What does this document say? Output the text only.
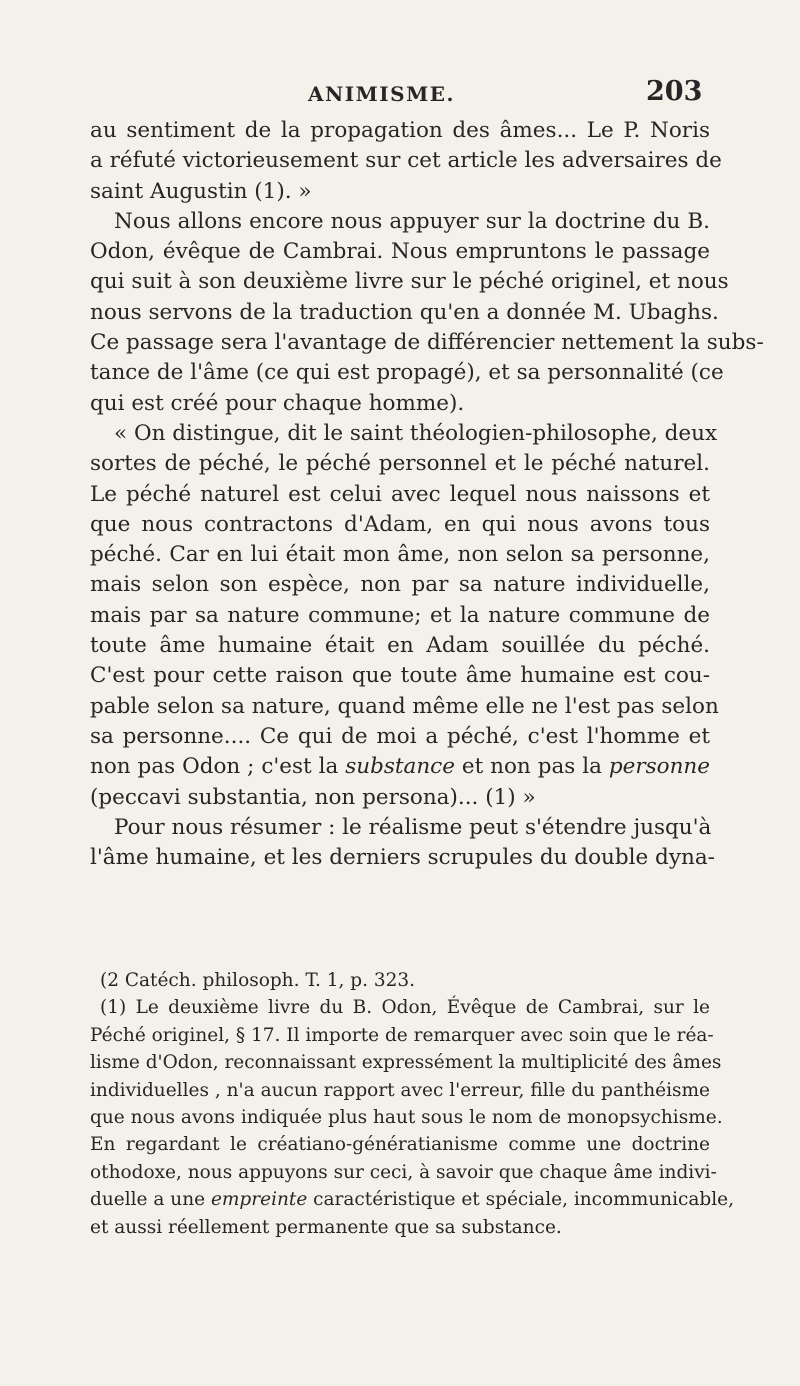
ANIMISME.	203
au sentiment de la propagation des âmes... Le P. Noris
a réfuté victorieusement sur cet article les adversaires de
saint Augustin (1). »
Nous allons encore nous appuyer sur la doctrine du B.
Odon, évêque de Cambrai. Nous empruntons le passage
qui suit à son deuxième livre sur le péché originel, et nous
nous servons de la traduction qu'en a donnée M. Ubaghs.
Ce passage sera l'avantage de différencier nettement la subs-
tance de l'âme (ce qui est propagé), et sa personnalité (ce
qui est créé pour chaque homme).
« On distingue, dit le saint théologien-philosophe, deux
sortes de péché, le péché personnel et le péché naturel.
Le péché naturel est celui avec lequel nous naissons et
que nous contractons d'Adam, en qui nous avons tous
péché. Car en lui était mon âme, non selon sa personne,
mais selon son espèce, non par sa nature individuelle,
mais par sa nature commune; et la nature commune de
toute âme humaine était en Adam souillée du péché.
C'est pour cette raison que toute âme humaine est cou-
pable selon sa nature, quand même elle ne l'est pas selon
sa personne.... Ce qui de moi a péché, c'est l'homme et
non pas Odon ; c'est la substance et non pas la personne
(peccavi substantia, non persona)... (1) »
Pour nous résumer : le réalisme peut s'étendre jusqu'à
l'âme humaine, et les derniers scrupules du double dyna-
(2 Catéch. philosoph. T. 1, p. 323.
(1) Le deuxième livre du B. Odon, Évêque de Cambrai, sur le
Péché originel, § 17. Il importe de remarquer avec soin que le réa-
lisme d'Odon, reconnaissant expressément la multiplicité des âmes
individuelles , n'a aucun rapport avec l'erreur, fille du panthéisme
que nous avons indiquée plus haut sous le nom de monopsychisme.
En regardant le créatiano-génératianisme comme une doctrine
othodoxe, nous appuyons sur ceci, à savoir que chaque âme indivi-
duelle a une empreinte caractéristique et spéciale, incommunicable,
et aussi réellement permanente que sa substance.
